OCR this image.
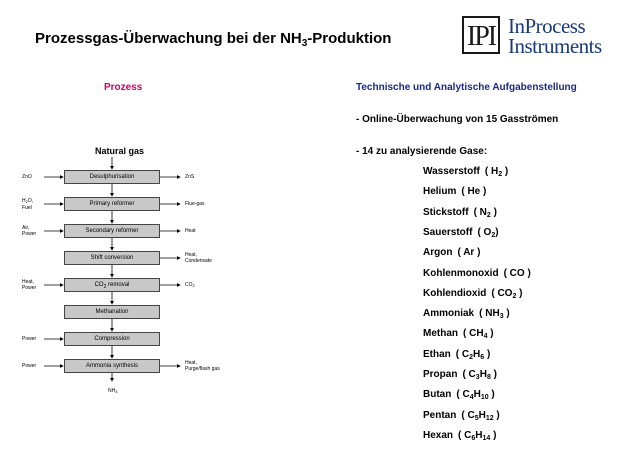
Prozessgas-Überwachung bei der $NH_3$-Produktion	IPI InProcess
Instruments
Prozess
Natural gas
Desulphurisation
ZnO	ZnS
Primary reformer
$H_2O$,
Fuel
Flue-gas
Secondary reformer
Air,
Power	Heat
Shift conversion	Heat,
Condensate
$CO_2$ removal
Heat,
Power	$CO_2$
Methanation
Compression
Power
Ammonia synthesis
Power	Heat,
Purge/flash gas
$NH_3$
Technische und Analytische Aufgabenstellung
- Online-Überwachung von 15 Gasströmen
- 14 zu analysierende Gase:
Wasserstoff ( $H_2$ )
Helium ( He )
Stickstoff ( $N_2$ )
Sauerstoff ( $O_2$)
Argon ( Ar )
Kohlenmonoxid ( CO )
Kohlendioxid ( $CO_2$ )
Ammoniak ( $NH_3$ )
Methan ( $CH_4$ )
Ethan ( $C_2H_6$ )
Propan ( $C_3H_8$ )
Butan ( $C_4H_{10}$ )
Pentan ( $C_5H_{12}$ )
Hexan ( $C_6H_{14}$ )
